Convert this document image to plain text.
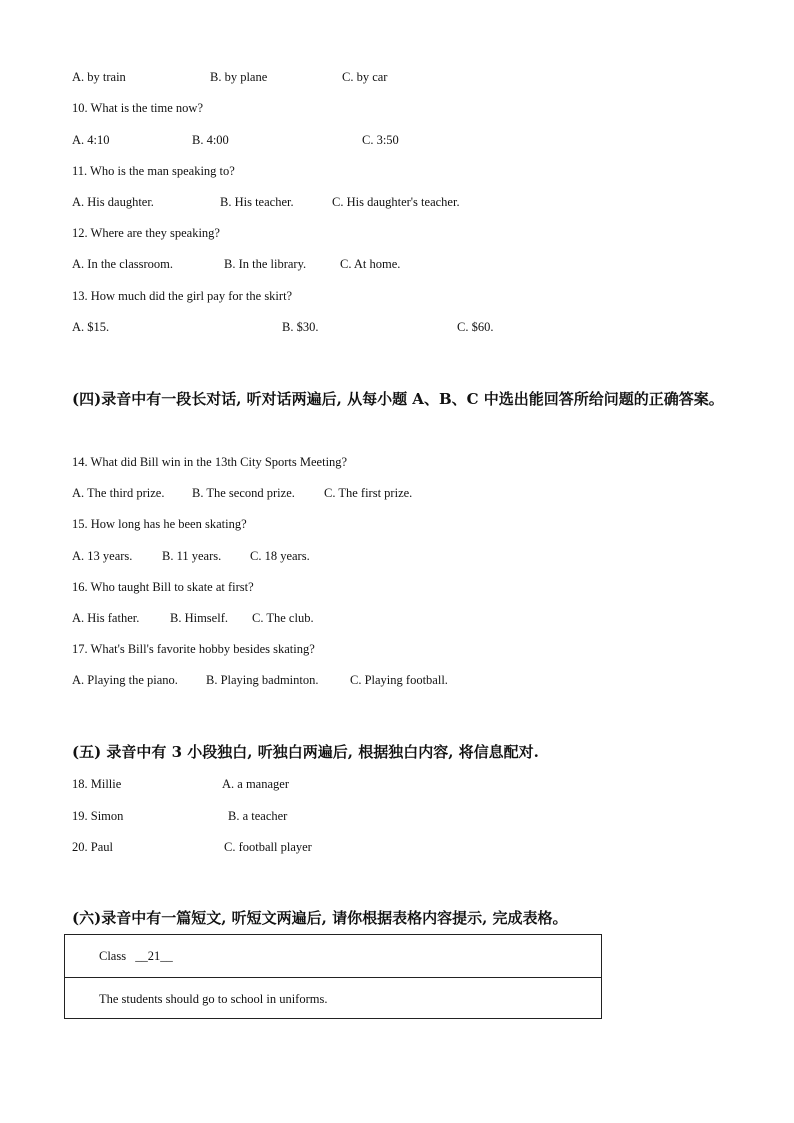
A. by train	B. by plane	C. by car
10. What is the time now?
A. 4:10	B. 4:00	C. 3:50
11. Who is the man speaking to?
A. His daughter.	B. His teacher.	C. His daughter's teacher.
12. Where are they speaking?
A. In the classroom.	B. In the library.	C. At home.
13. How much did the girl pay for the skirt?
A. $15.	B. $30.	C. $60.
(四)录音中有一段长对话, 听对话两遍后, 从每小题 A、B、C 中选出能回答所给问题的正确答案。
14. What did Bill win in the 13th City Sports Meeting?
A. The third prize. B. The second prize. C. The first prize.
15. How long has he been skating?
A. 13 years. B. 11 years. C. 18 years.
16. Who taught Bill to skate at first?
A. His father. B. Himself. C. The club.
17. What's Bill's favorite hobby besides skating?
A. Playing the piano. B. Playing badminton.	C. Playing football.
(五) 录音中有 3 小段独白, 听独白两遍后, 根据独白内容, 将信息配对.
18. Millie	A. a manager
19. Simon	B. a teacher
20. Paul	C. football player
(六)录音中有一篇短文, 听短文两遍后, 请你根据表格内容提示, 完成表格。
Class __21__
The students should go to school in uniforms.
